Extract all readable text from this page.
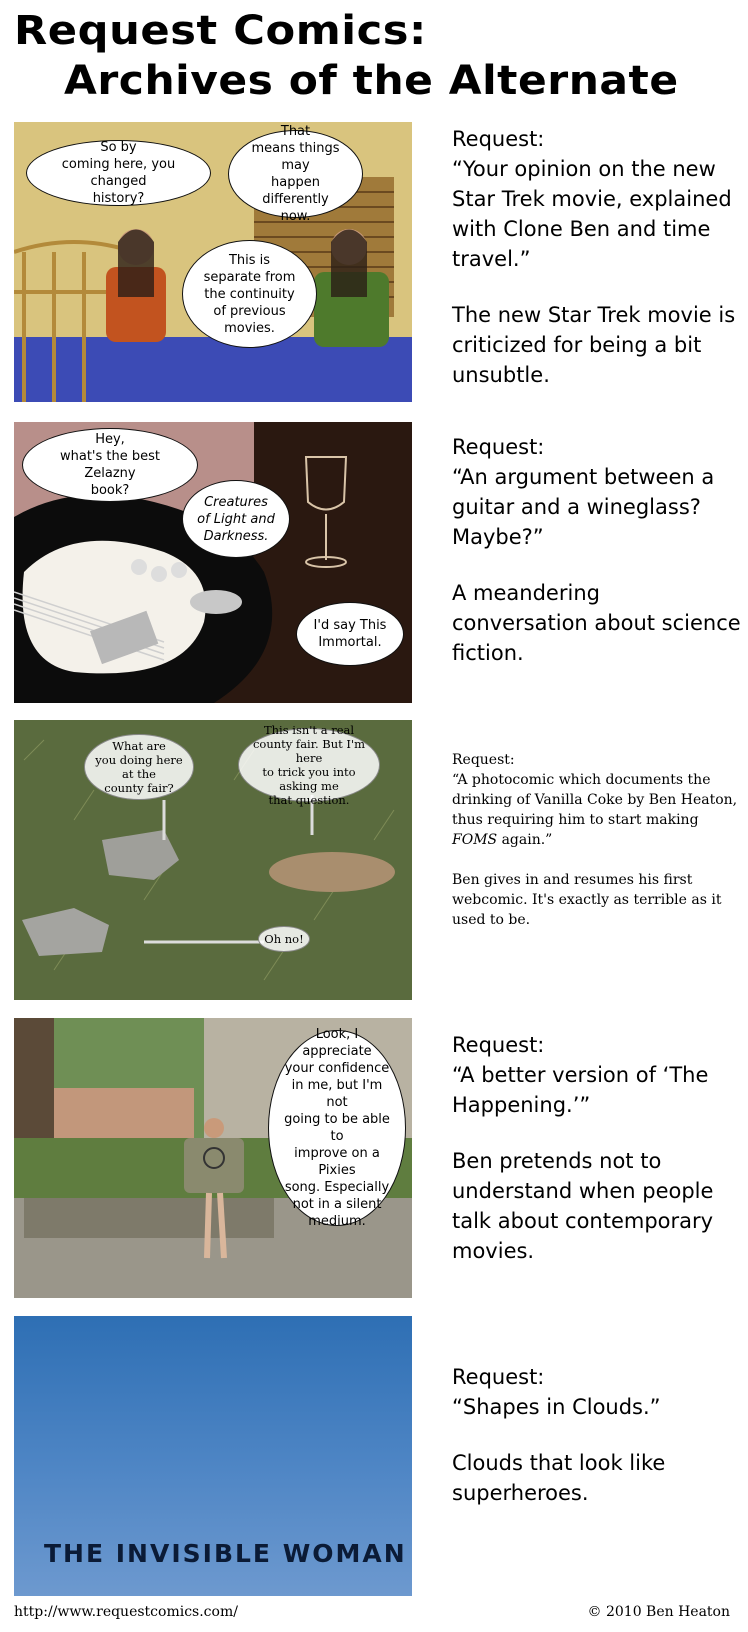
Request Comics:
Archives of the Alternate
So by
coming here, you changed
history?
That
means things may
happen differently
now.
This is
separate from
the continuity
of previous
movies.

Request:

“Your opinion on the new Star Trek movie, explained with Clone Ben and time travel.”

The new Star Trek movie is criticized for being a bit unsubtle.

Hey,
what's the best Zelazny
book?
Creatures
of Light and
Darkness.
I'd say This
Immortal.

Request:

“An argument between a guitar and a wineglass? Maybe?”

A meandering conversation about science fiction.

What are
you doing here at the
county fair?
isn't a
county fair. But I'm here
to trick you into asking me
question.
Oh no!

Request:

“A photocomic which documents the drinking of Vanilla Coke by Ben Heaton, thus requiring him to start making FOMS again.”

Ben gives in and resumes his first webcomic. It's exactly as terrible as it used to be.

Look, I
appreciate
your confidence
in me, but I'm not
going to be able to
improve on a Pixies
song. Especially
not in a silent
medium.

Request:

“A better version of ‘The Happening.’”

Ben pretends not to understand when people talk about contemporary movies.

THE INVISIBLE WOMAN

Request:

“Shapes in Clouds.”

Clouds that look like superheroes.

http://www.requestcomics.com/	© 2010 Ben Heaton
